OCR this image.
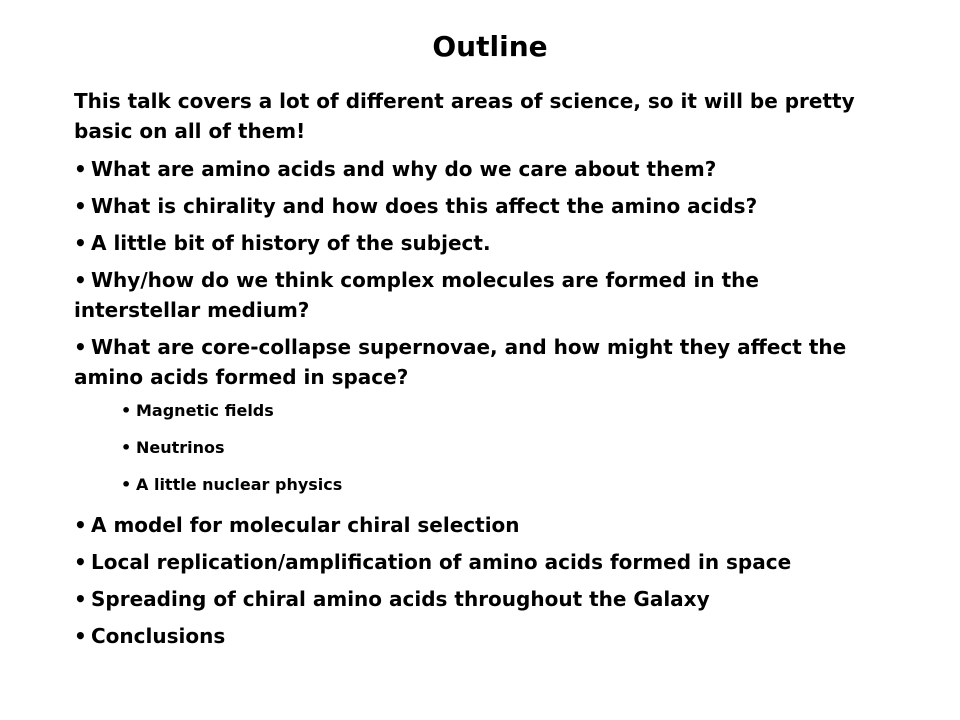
Outline

This talk covers a lot of different areas of science, so it will be pretty basic on all of them!

• What are amino acids and why do we care about them?
• What is chirality and how does this affect the amino acids?
• A little bit of history of the subject.
• Why/how do we think complex molecules are formed in the interstellar medium?
• What are core-collapse supernovae, and how might they affect the amino acids formed in space?
• Magnetic fields
• Neutrinos
• A little nuclear physics
• A model for molecular chiral selection
• Local replication/amplification of amino acids formed in space
• Spreading of chiral amino acids throughout the Galaxy
• Conclusions
